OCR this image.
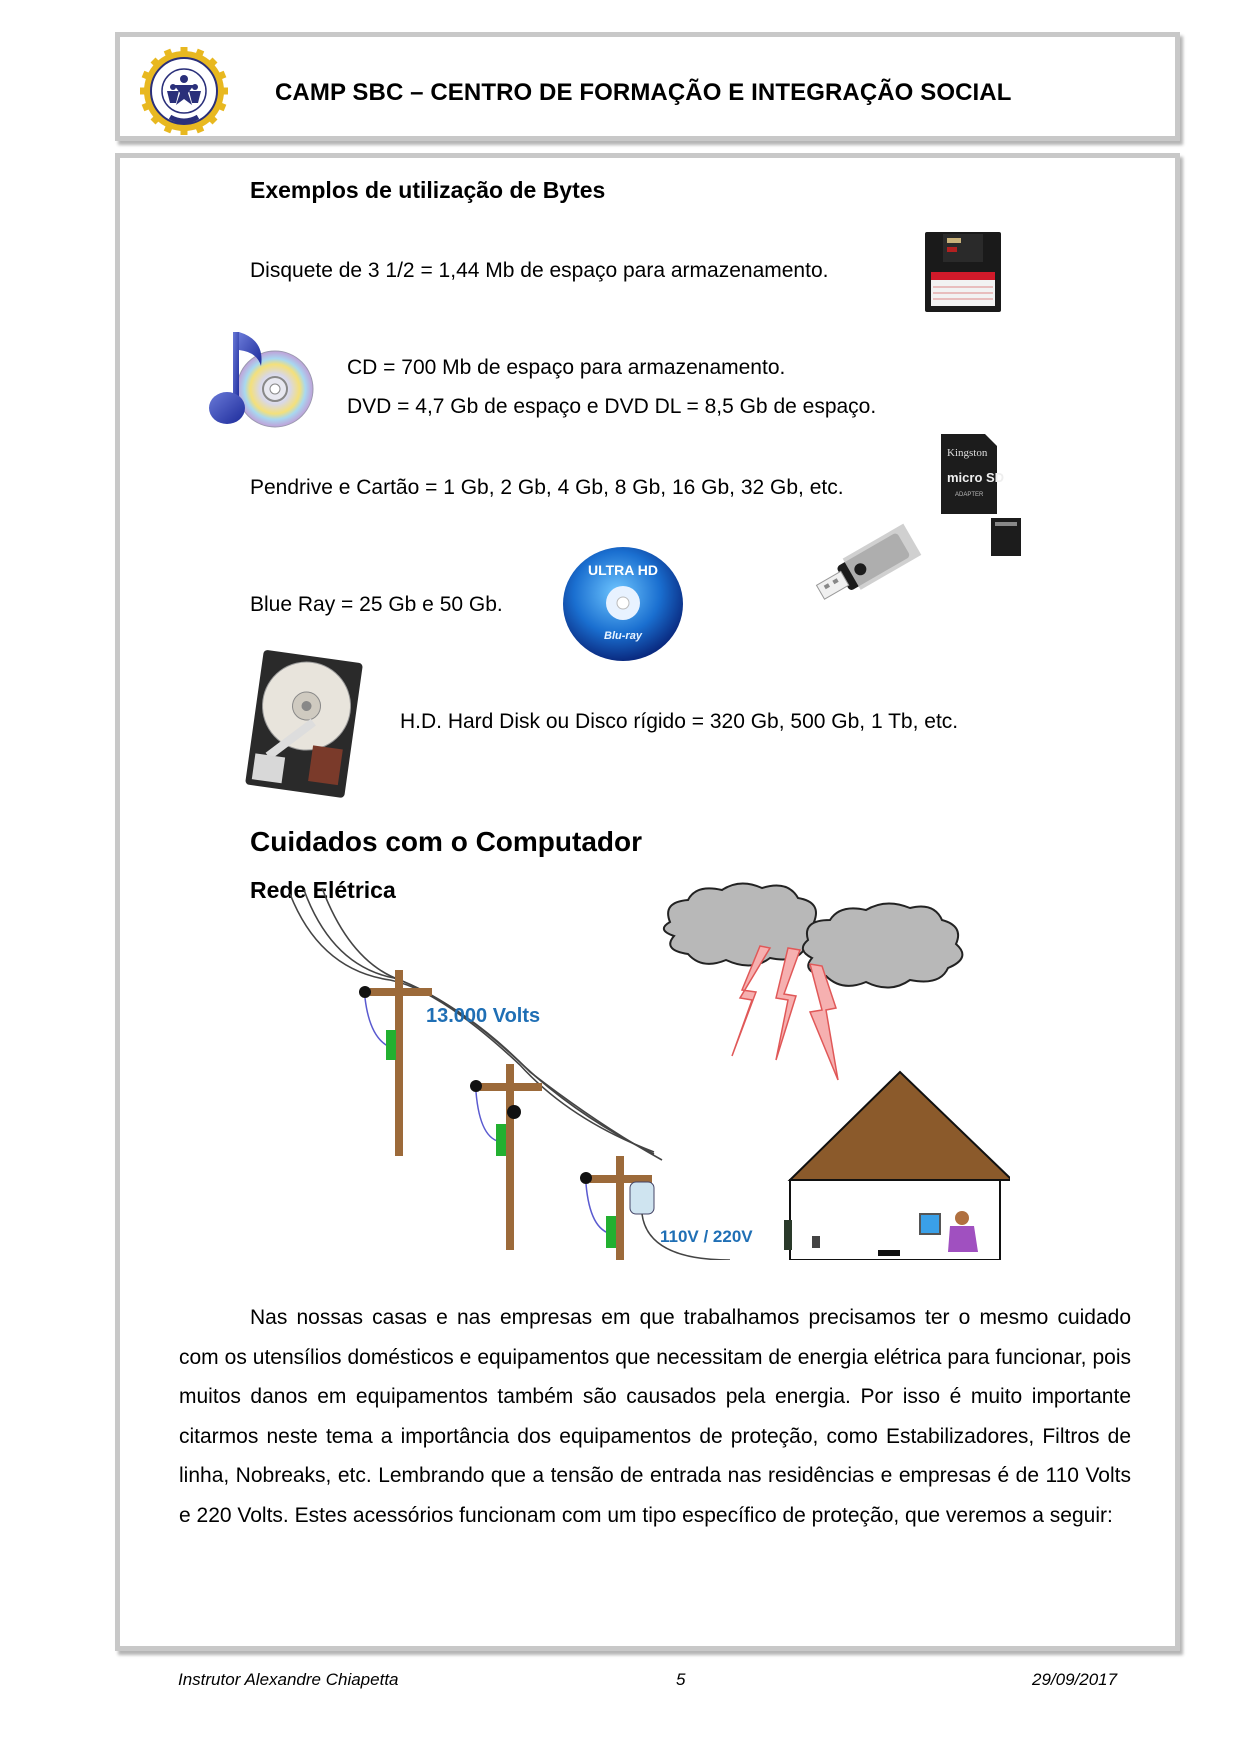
CAMP SBC – CENTRO DE FORMAÇÃO E INTEGRAÇÃO SOCIAL
Exemplos de utilização de Bytes
Disquete de 3 1/2 = 1,44 Mb de espaço para armazenamento.
CD = 700 Mb de espaço para armazenamento.
DVD = 4,7 Gb de espaço e DVD DL = 8,5 Gb de espaço.
Pendrive e Cartão = 1 Gb, 2 Gb, 4 Gb, 8 Gb, 16 Gb, 32 Gb, etc.
Kingston
micro SD
ADAPTER
Blue Ray = 25 Gb e 50 Gb.
ULTRA HD
Blu-ray
H.D. Hard Disk ou Disco rígido = 320 Gb, 500 Gb, 1 Tb, etc.
Cuidados com o Computador
Rede Elétrica
13.000 Volts
110V / 220V
Nas nossas casas e nas empresas em que trabalhamos precisamos ter o mesmo cuidado com os utensílios domésticos e equipamentos que necessitam de energia elétrica para funcionar, pois muitos danos em equipamentos também são causados pela energia. Por isso é muito importante citarmos neste tema a importância dos equipamentos de proteção, como Estabilizadores, Filtros de linha, Nobreaks, etc. Lembrando que a tensão de entrada nas residências e empresas é de 110 Volts e 220 Volts. Estes acessórios funcionam com um tipo específico de proteção, que veremos a seguir:
Instrutor Alexandre Chiapetta	5	29/09/2017
